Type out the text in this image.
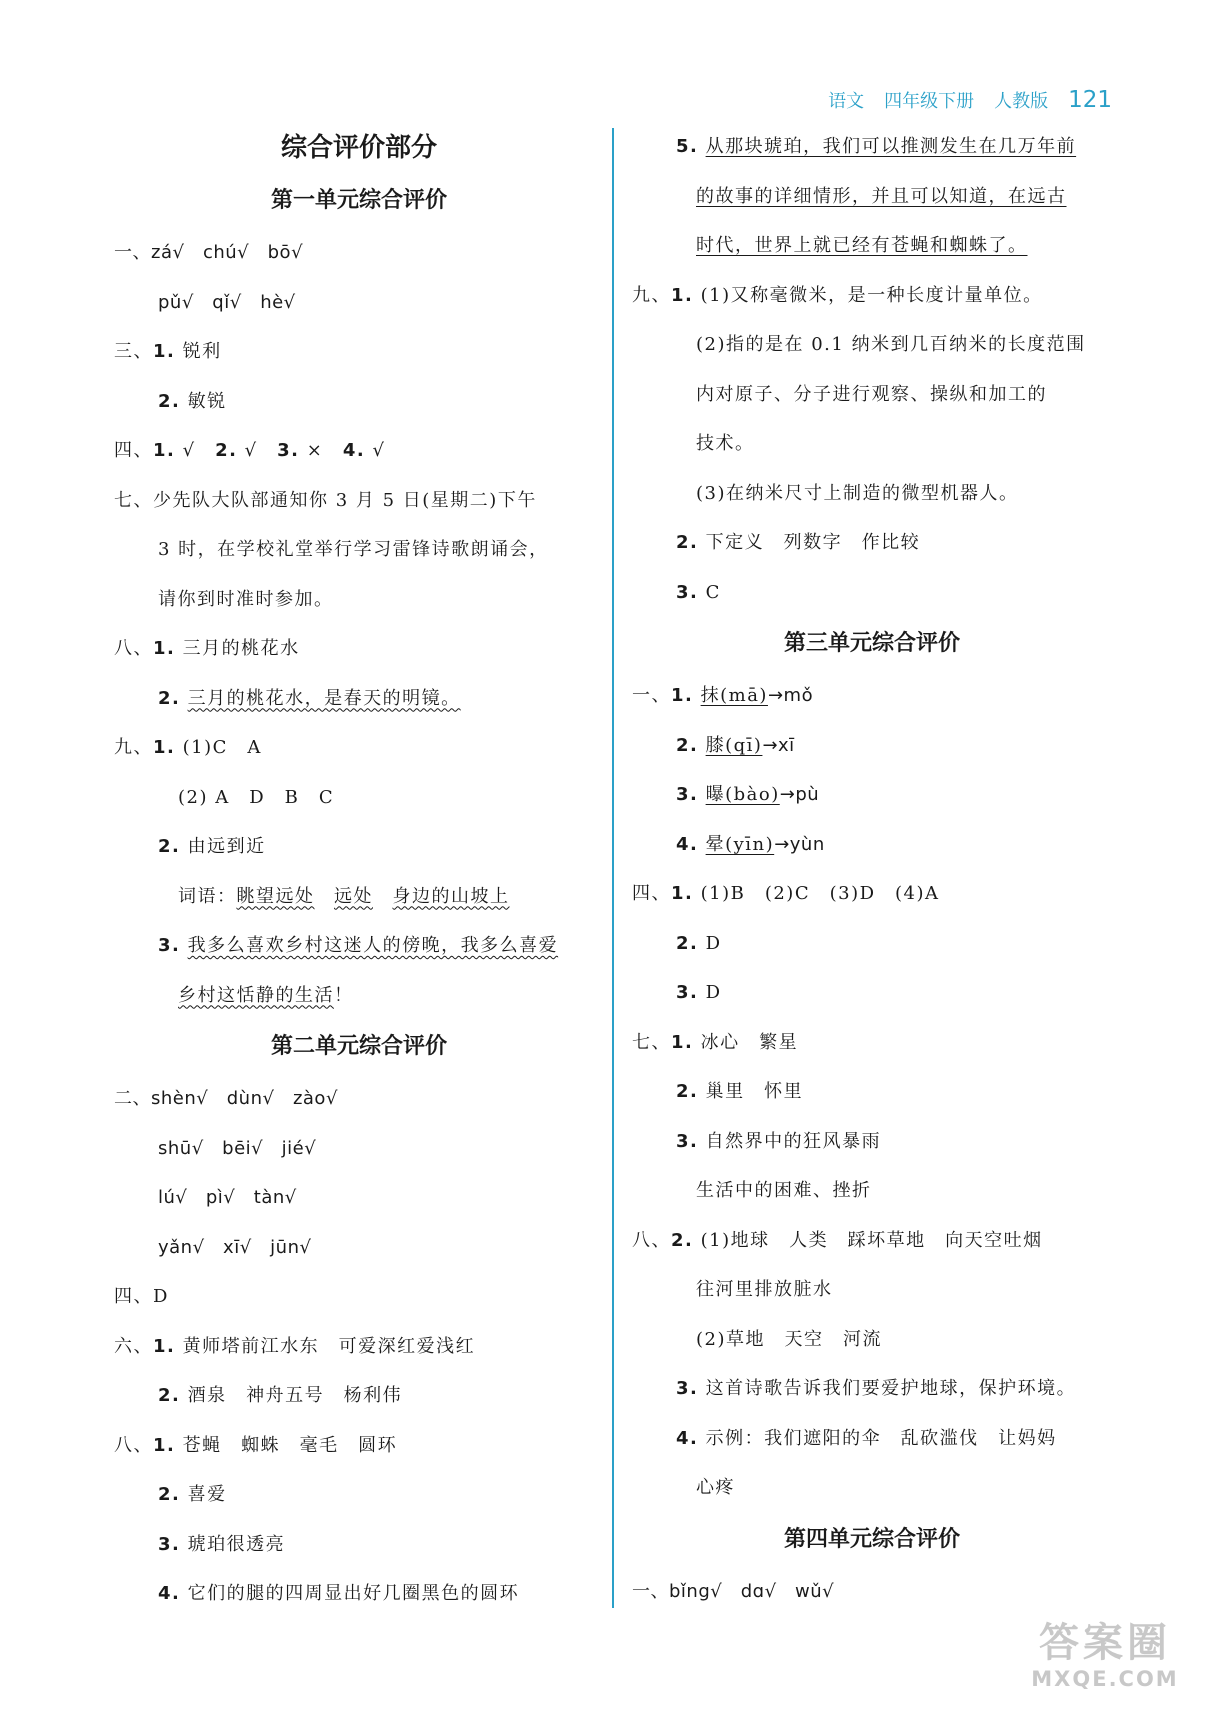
语文 四年级下册 人教版 121
综合评价部分
第一单元综合评价
一、zá√　chú√　bō√
pǔ√　qǐ√　hè√
三、1. 锐利
2. 敏锐
四、1. √　2. √　3. ×　4. √
七、少先队大队部通知你 3 月 5 日(星期二)下午
3 时，在学校礼堂举行学习雷锋诗歌朗诵会，
请你到时准时参加。
八、1. 三月的桃花水
2. 三月的桃花水，是春天的明镜。
九、1. (1)C　A
(2) A　D　B　C
2. 由远到近
词语：眺望远处　 远处　 身边的山坡上
3. 我多么喜欢乡村这迷人的傍晚，我多么喜爱
乡村这恬静的生活！
第二单元综合评价
二、shèn√　dùn√　zào√
shū√　bēi√　jié√
lú√　pì√　tàn√
yǎn√　xī√　jūn√
四、D
六、1. 黄师塔前江水东　可爱深红爱浅红
2. 酒泉　神舟五号　杨利伟
八、1. 苍蝇　蜘蛛　毫毛　圆环
2. 喜爱
3. 琥珀很透亮
4. 它们的腿的四周显出好几圈黑色的圆环
5. 从那块琥珀，我们可以推测发生在几万年前
的故事的详细情形，并且可以知道，在远古
时代，世界上就已经有苍蝇和蜘蛛了。
九、1. (1)又称毫微米，是一种长度计量单位。
(2)指的是在 0.1 纳米到几百纳米的长度范围
内对原子、分子进行观察、操纵和加工的
技术。
(3)在纳米尺寸上制造的微型机器人。
2. 下定义　列数字　作比较
3. C
第三单元综合评价
一、1. 抹(mā)→mǒ
2. 膝(qī)→xī
3. 曝(bào)→pù
4. 晕(yīn)→yùn
四、1. (1)B　(2)C　(3)D　(4)A
2. D
3. D
七、1. 冰心　繁星
2. 巢里　怀里
3. 自然界中的狂风暴雨
生活中的困难、挫折
八、2. (1)地球　人类　踩坏草地　向天空吐烟
往河里排放脏水
(2)草地　天空　河流
3. 这首诗歌告诉我们要爱护地球，保护环境。
4. 示例：我们遮阳的伞　乱砍滥伐　让妈妈
心疼
第四单元综合评价
一、bǐng√　dɑ√　wǔ√
答案圈
MXQE.COM
